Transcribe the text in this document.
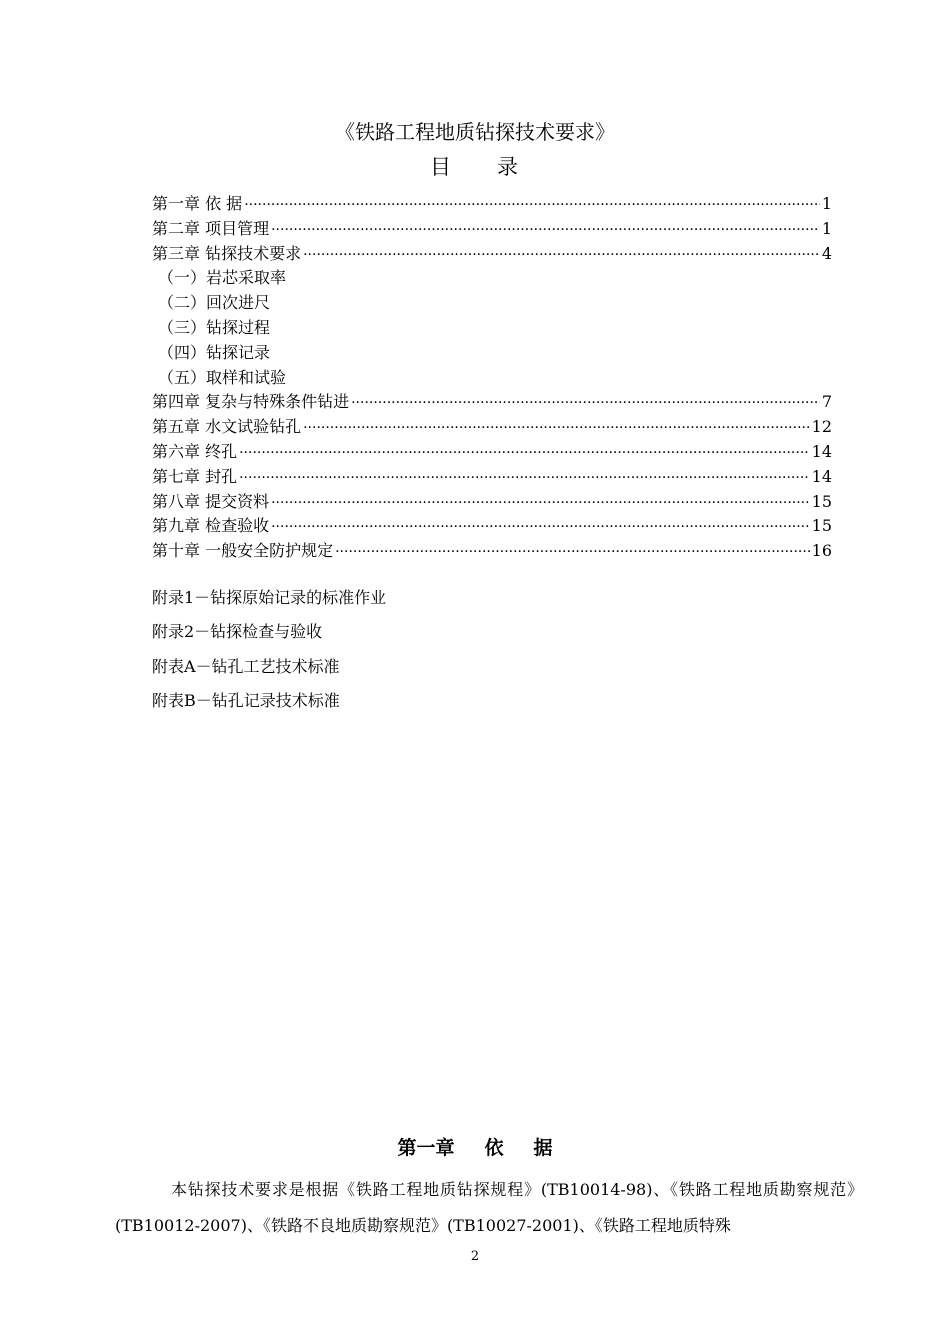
《铁路工程地质钻探技术要求》
目 录
第一章 依 据 ·····	1
第二章 项目管理 ·····	1
第三章 钻探技术要求 ·····	4
（一）岩芯采取率
（二）回次进尺
（三）钻探过程
（四）钻探记录
（五）取样和试验
第四章 复杂与特殊条件钻进 ·····	7
第五章 水文试验钻孔 ·····	12
第六章 终孔 ·····	14
第七章 封孔 ·····	14
第八章 提交资料 ·····	15
第九章 检查验收 ·····	15
第十章 一般安全防护规定 ·····	16
附录1－钻探原始记录的标准作业
附录2－钻探检查与验收
附表A－钻孔工艺技术标准
附表B－钻孔记录技术标准
第一章 依 据
本钻探技术要求是根据《铁路工程地质钻探规程》(TB10014-98)、《铁路工程地质勘察规范》(TB10012-2007)、《铁路不良地质勘察规范》(TB10027-2001)、《铁路工程地质特殊
2
